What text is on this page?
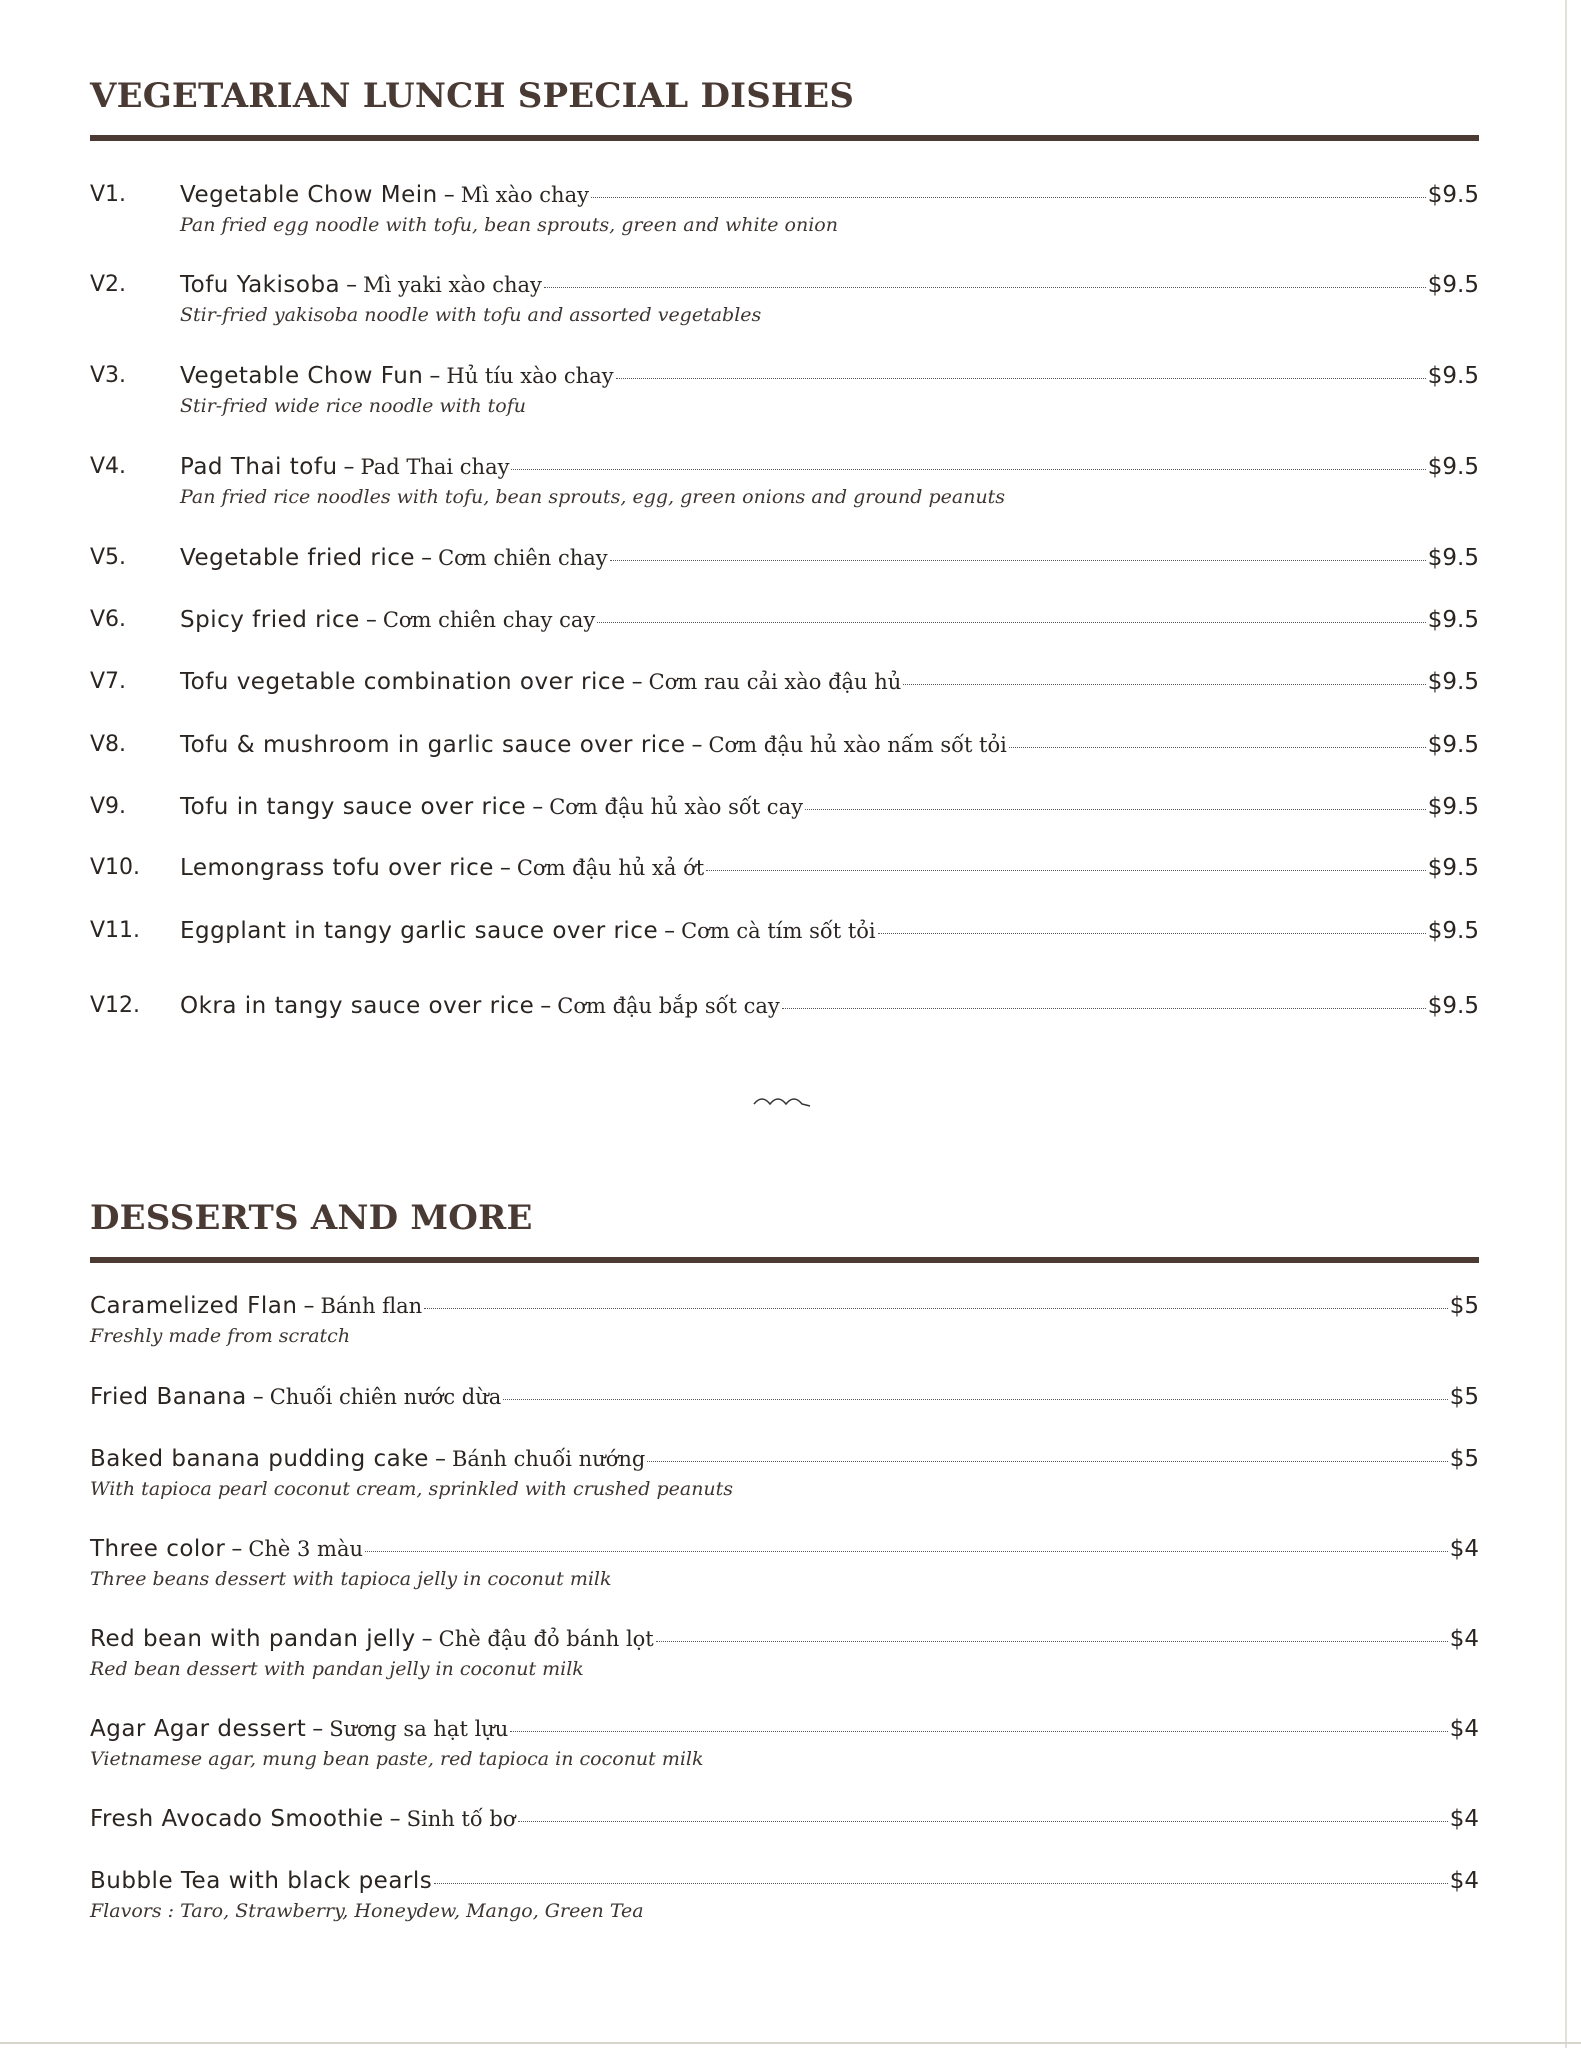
VEGETARIAN LUNCH SPECIAL DISHES
V1. Vegetable Chow Mein – Mì xào chay	$9.5
Pan fried egg noodle with tofu, bean sprouts, green and white onion
V2. Tofu Yakisoba – Mì yaki xào chay	$9.5
Stir-fried yakisoba noodle with tofu and assorted vegetables
V3. Vegetable Chow Fun – Hủ tíu xào chay	$9.5
Stir-fried wide rice noodle with tofu
V4. Pad Thai tofu – Pad Thai chay	$9.5
Pan fried rice noodles with tofu, bean sprouts, egg, green onions and ground peanuts
V5. Vegetable fried rice – Cơm chiên chay	$9.5
V6. Spicy fried rice – Cơm chiên chay cay	$9.5
V7. Tofu vegetable combination over rice – Cơm rau cải xào đậu hủ	$9.5
V8. Tofu & mushroom in garlic sauce over rice – Cơm đậu hủ xào nấm sốt tỏi	$9.5
V9. Tofu in tangy sauce over rice – Cơm đậu hủ xào sốt cay	$9.5
V10. Lemongrass tofu over rice – Cơm đậu hủ xả ớt	$9.5
V11. Eggplant in tangy garlic sauce over rice – Cơm cà tím sốt tỏi	$9.5
V12. Okra in tangy sauce over rice – Cơm đậu bắp sốt cay	$9.5
DESSERTS AND MORE
Caramelized Flan – Bánh flan	$5
Freshly made from scratch
Fried Banana – Chuối chiên nước dừa	$5
Baked banana pudding cake – Bánh chuối nướng	$5
With tapioca pearl coconut cream, sprinkled with crushed peanuts
Three color – Chè 3 màu	$4
Three beans dessert with tapioca jelly in coconut milk
Red bean with pandan jelly – Chè đậu đỏ bánh lọt	$4
Red bean dessert with pandan jelly in coconut milk
Agar Agar dessert – Sương sa hạt lựu	$4
Vietnamese agar, mung bean paste, red tapioca in coconut milk
Fresh Avocado Smoothie – Sinh tố bơ	$4
Bubble Tea with black pearls	$4
Flavors : Taro, Strawberry, Honeydew, Mango, Green Tea
